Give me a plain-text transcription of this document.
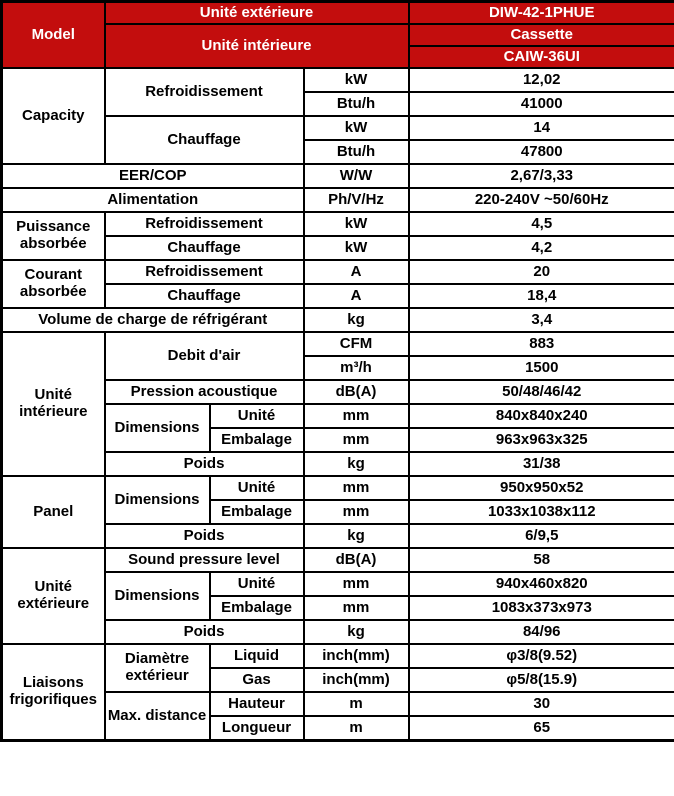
Model	Unité extérieure			DIW-42-1PHUE
	Unité intérieure			Cassette
				CAIW-36UI
Capacity	Refroidissement		kW	12,02
			Btu/h	41000
	Chauffage		kW	14
			Btu/h	47800
EER/COP			W/W	2,67/3,33
Alimentation			Ph/V/Hz	220-240V ~50/60Hz
Puissance absorbée	Refroidissement		kW	4,5
	Chauffage		kW	4,2
Courant absorbée	Refroidissement		A	20
	Chauffage		A	18,4
Volume de charge de réfrigérant			kg	3,4
Unité intérieure	Debit d'air		CFM	883
			m³/h	1500
	Pression acoustique		dB(A)	50/48/46/42
	Dimensions	Unité	mm	840x840x240
		Embalage	mm	963x963x325
	Poids		kg	31/38
Panel	Dimensions	Unité	mm	950x950x52
		Embalage	mm	1033x1038x112
	Poids		kg	6/9,5
Unité extérieure	Sound pressure level		dB(A)	58
	Dimensions	Unité	mm	940x460x820
		Embalage	mm	1083x373x973
	Poids		kg	84/96
Liaisons frigorifiques	Diamètre extérieur	Liquid	inch(mm)	φ3/8(9.52)
		Gas	inch(mm)	φ5/8(15.9)
	Max. distance	Hauteur	m	30
		Longueur	m	65
